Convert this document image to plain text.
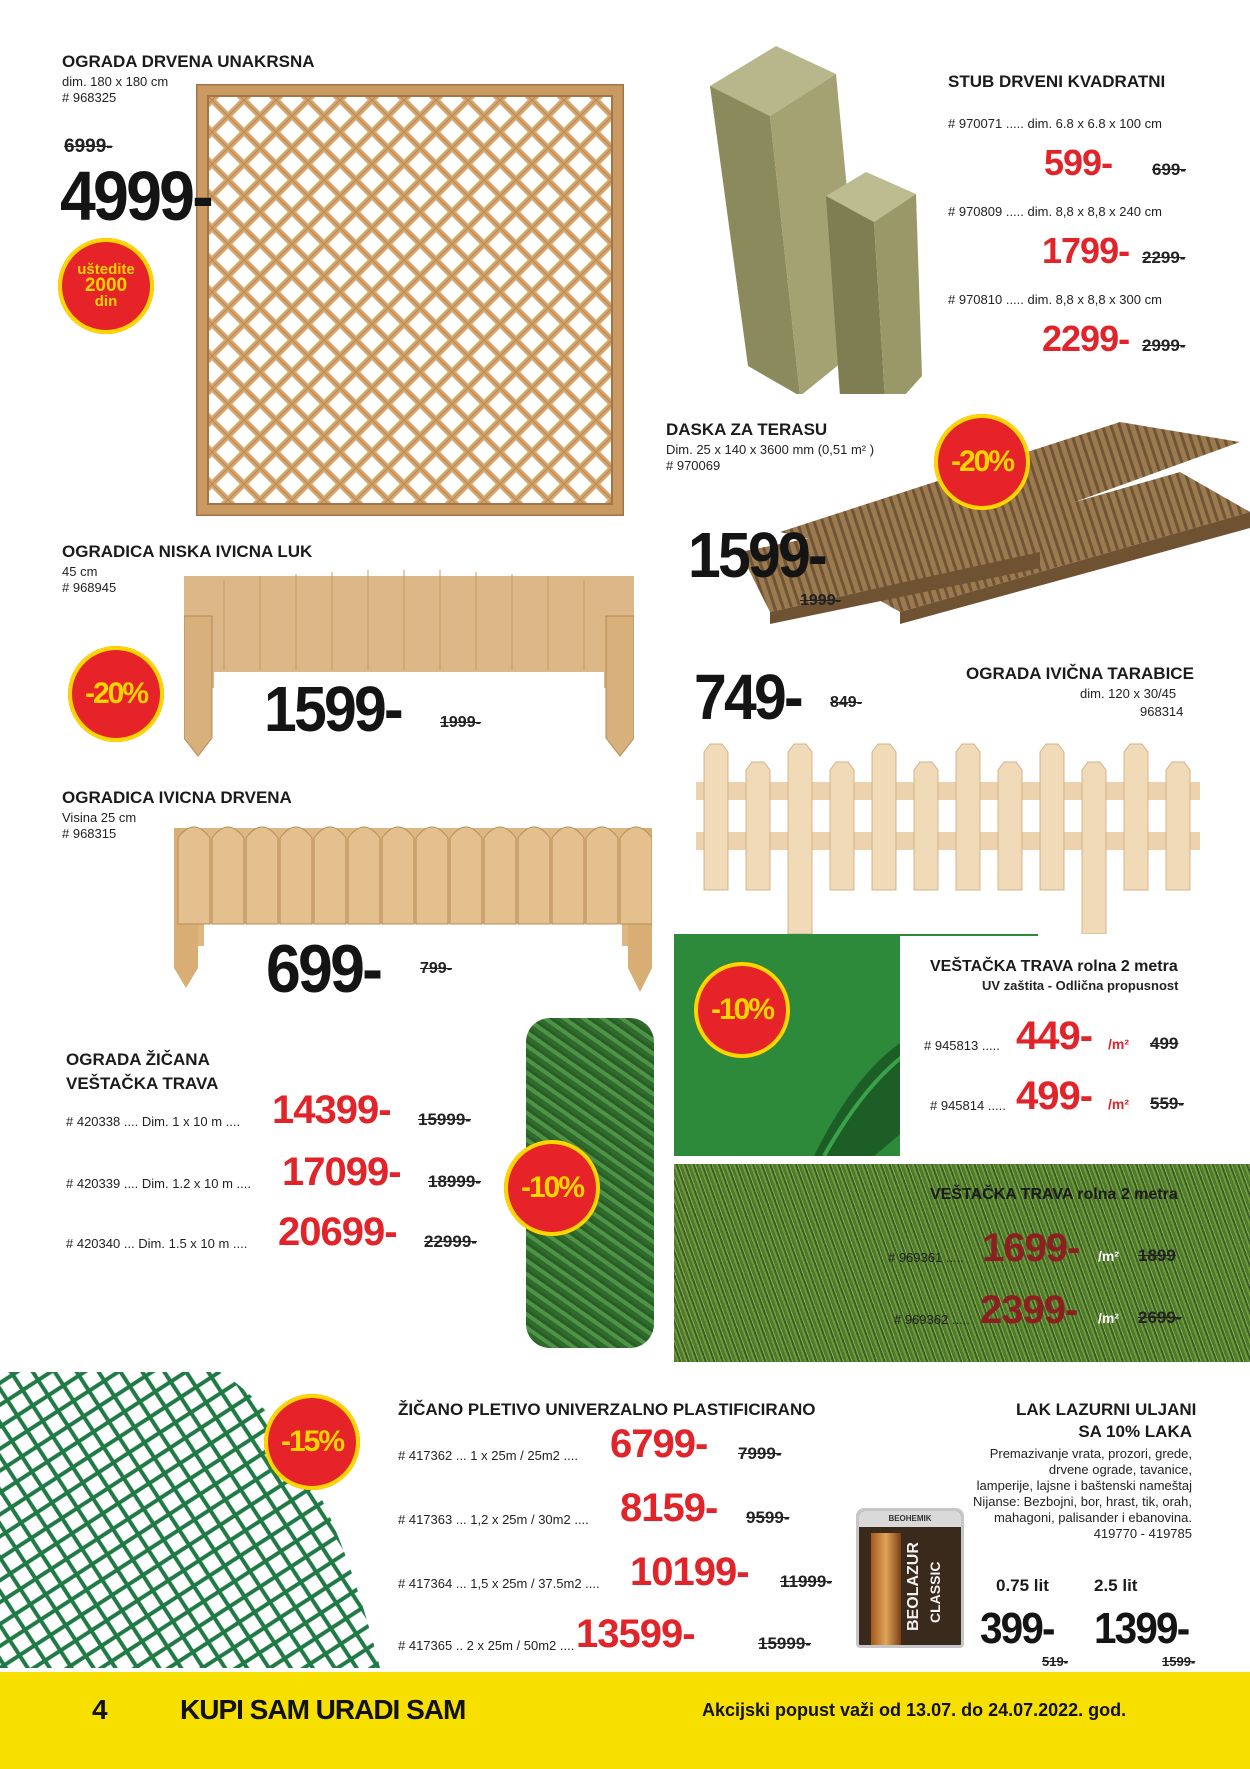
OGRADA DRVENA UNAKRSNA
dim. 180 x 180 cm
# 968325
6999-
4999-
uštedite
2000
din
STUB DRVENI KVADRATNI
# 970071 ..... dim. 6.8 x 6.8 x 100 cm
599- 699-
# 970809 ..... dim. 8,8 x 8,8 x 240 cm
1799- 2299-
# 970810 ..... dim. 8,8 x 8,8 x 300 cm
2299- 2999-
DASKA ZA TERASU
Dim. 25 x 140 x 3600 mm (0,51 m² )
# 970069	-20%
1599-
1999-
OGRADICA NISKA IVICNA LUK
45 cm
# 968945
-20% 1599- 1999-	749- 849-
OGRADA IVIČNA TARABICE
dim. 120 x 30/45
968314
OGRADICA IVICNA DRVENA
Visina 25 cm
# 968315
699- 799-	VEŠTAČKA TRAVA rolna 2 metra
UV zaštita - Odlična propusnost
-10%
# 945813 ..... 449- /m² 499
# 945814 ..... 499- /m² 559-
OGRADA ŽIČANA
VEŠTAČKA TRAVA
-10%
# 420338 .... Dim. 1 x 10 m .... 14399- 15999-
# 420339 .... Dim. 1.2 x 10 m .... 17099- 18999-
# 420340 ... Dim. 1.5 x 10 m .... 20699- 22999-
VEŠTAČKA TRAVA rolna 2 metra
# 969361 ..... 1699- /m² 1899
# 969362 ..... 2399- /m² 2699-
-15%
ŽIČANO PLETIVO UNIVERZALNO PLASTIFICIRANO
# 417362 ... 1 x 25m / 25m2 .... 6799- 7999-
# 417363 ... 1,2 x 25m / 30m2 .... 8159- 9599-
# 417364 ... 1,5 x 25m / 37.5m2 .... 10199- 11999-
# 417365 .. 2 x 25m / 50m2 .... 13599-	15999-
LAK LAZURNI ULJANI
SA 10% LAKA
Premazivanje vrata, prozori, grede,
drvene ograde, tavanice,
lamperije, lajsne i baštenski nameštaj
Nijanse: Bezbojni, bor, hrast, tik, orah,
mahagoni, palisander i ebanovina.
419770 - 419785
BEOHEMIK
BEOLAZUR CLASSIC	0.75 lit	2.5 lit
399- 1399-
519-	1599-
4	KUPI SAM URADI SAM	Akcijski popust važi od 13.07. do 24.07.2022. god.
